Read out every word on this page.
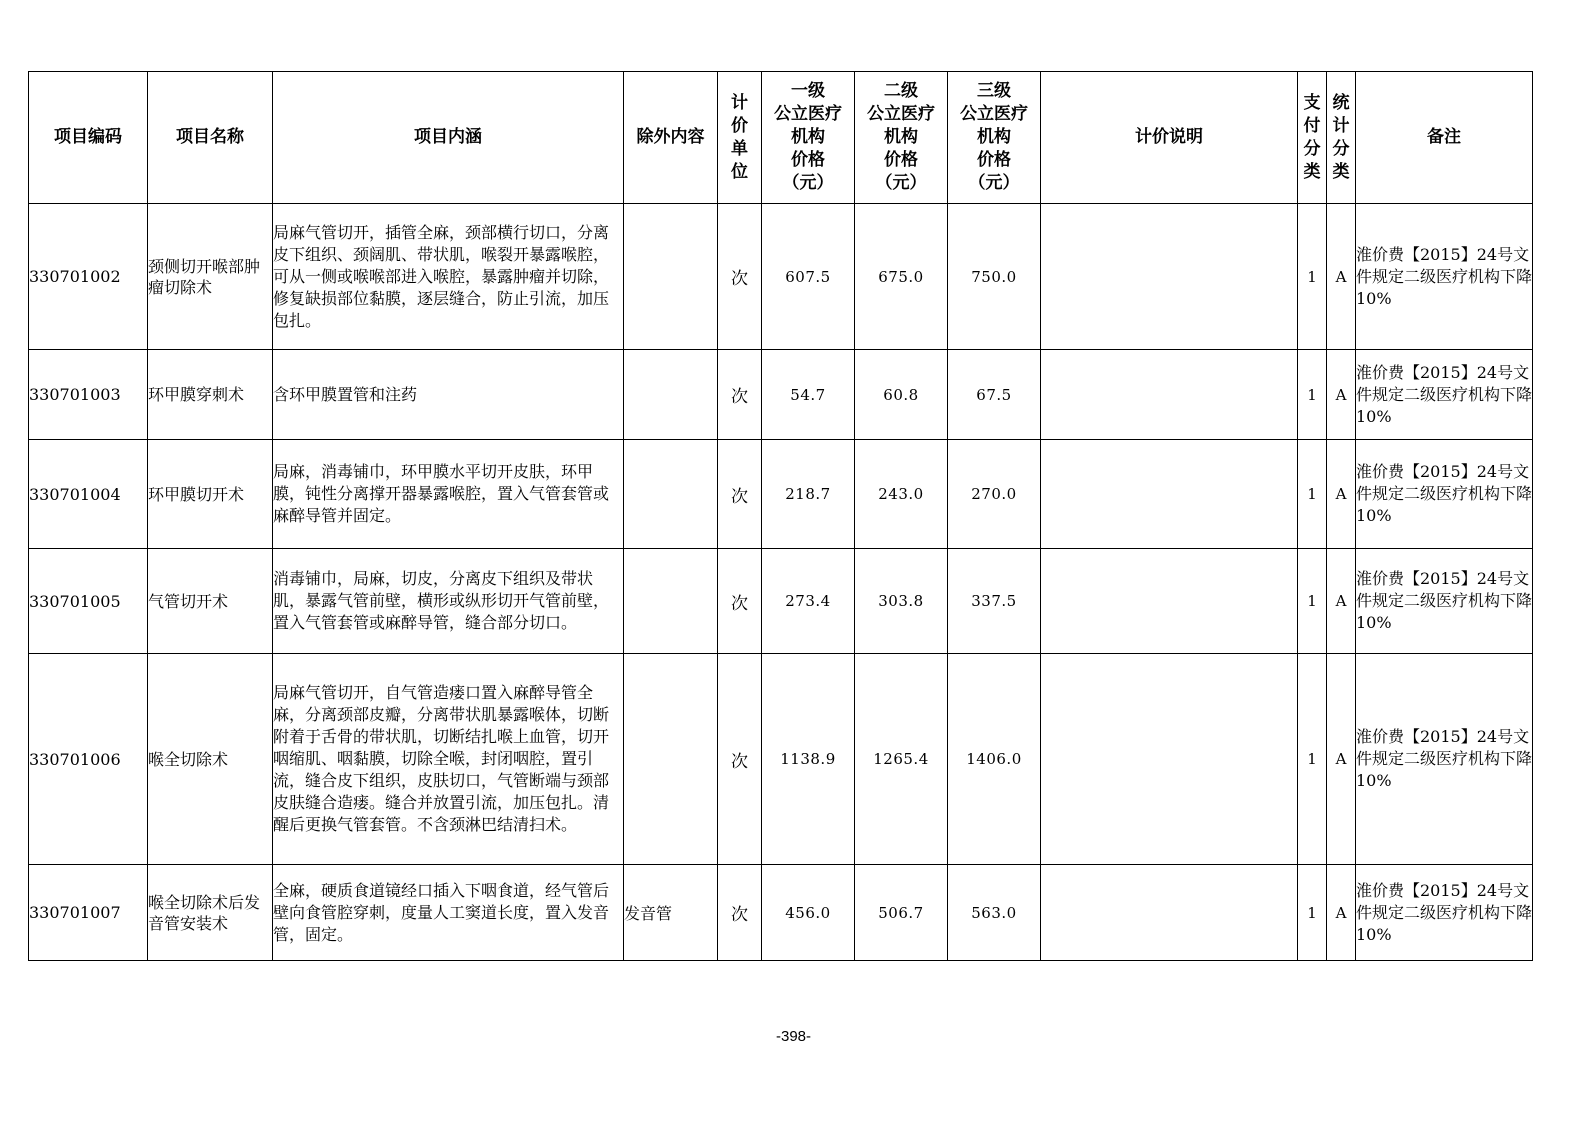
项目编码	项目名称	项目内涵	除外内容	计价单位	一级
公立医疗
机构
价格
（元）	二级
公立医疗
机构
价格
（元）	三级
公立医疗
机构
价格
（元）	计价说明	支付分类	统计分类	备注
330701002	颈侧切开喉部肿瘤切除术	局麻气管切开，插管全麻，颈部横行切口，分离皮下组织、颈阔肌、带状肌，喉裂开暴露喉腔，可从一侧或喉喉部进入喉腔，暴露肿瘤并切除，修复缺损部位黏膜，逐层缝合，防止引流，加压包扎。		次	607.5	675.0	750.0		1	A	淮价费【2015】24号文件规定二级医疗机构下降10%
330701003	环甲膜穿刺术	含环甲膜置管和注药		次	54.7	60.8	67.5		1	A	淮价费【2015】24号文件规定二级医疗机构下降10%
330701004	环甲膜切开术	局麻，消毒铺巾，环甲膜水平切开皮肤，环甲膜，钝性分离撑开器暴露喉腔，置入气管套管或麻醉导管并固定。		次	218.7	243.0	270.0		1	A	淮价费【2015】24号文件规定二级医疗机构下降10%
330701005	气管切开术	消毒铺巾，局麻，切皮，分离皮下组织及带状肌，暴露气管前壁，横形或纵形切开气管前壁，置入气管套管或麻醉导管，缝合部分切口。		次	273.4	303.8	337.5		1	A	淮价费【2015】24号文件规定二级医疗机构下降10%
330701006	喉全切除术	局麻气管切开，自气管造瘘口置入麻醉导管全麻，分离颈部皮瓣，分离带状肌暴露喉体，切断附着于舌骨的带状肌，切断结扎喉上血管，切开咽缩肌、咽黏膜，切除全喉，封闭咽腔，置引流，缝合皮下组织，皮肤切口，气管断端与颈部皮肤缝合造瘘。缝合并放置引流，加压包扎。清醒后更换气管套管。不含颈淋巴结清扫术。		次	1138.9	1265.4	1406.0		1	A	淮价费【2015】24号文件规定二级医疗机构下降10%
330701007	喉全切除术后发音管安装术	全麻，硬质食道镜经口插入下咽食道，经气管后壁向食管腔穿刺，度量人工窦道长度，置入发音管，固定。	发音管	次	456.0	506.7	563.0		1	A	淮价费【2015】24号文件规定二级医疗机构下降10%
-398-
